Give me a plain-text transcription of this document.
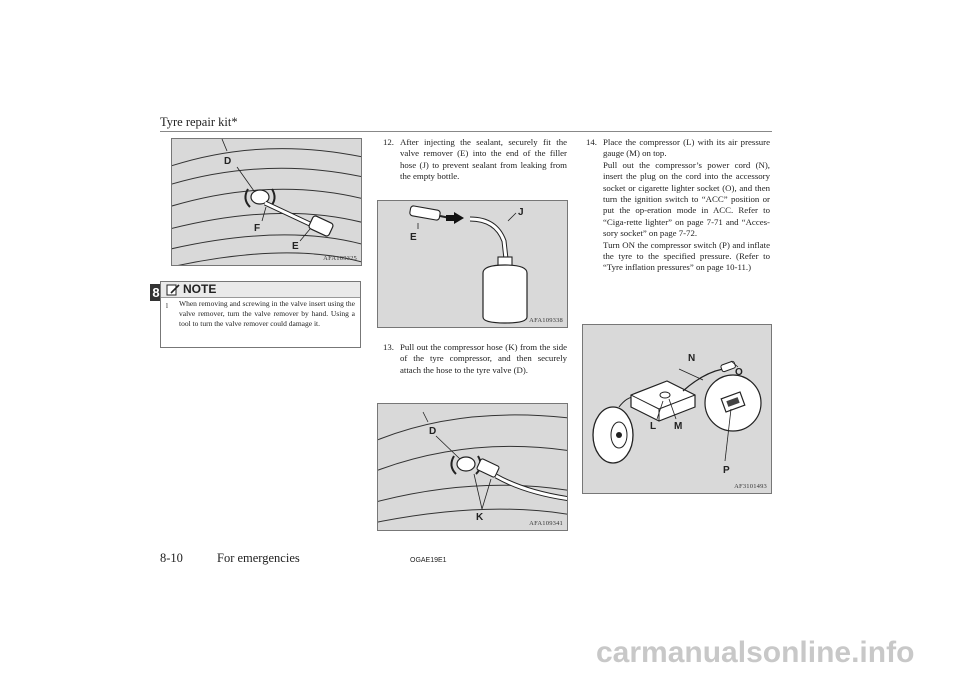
Tyre repair kit*
8
D
F
E
AFA109325
NOTE
l When removing and screwing in the valve insert using the valve remover, turn the valve remover by hand. Using a tool to turn the valve remover could damage it.
12. After injecting the sealant, securely fit the valve remover (E) into the end of the filler hose (J) to prevent sealant from leaking from the empty bottle.
E
J
AFA109338
13. Pull out the compressor hose (K) from the side of the tyre compressor, and then securely attach the hose to the tyre valve (D).
D
K
AFA109341
14. Place the compressor (L) with its air pressure gauge (M) on top.
Pull out the compressor’s power cord (N), insert the plug on the cord into the accessory socket or cigarette lighter socket (O), and then turn the ignition switch to “ACC” position or put the op-eration mode in ACC. Refer to “Ciga-rette lighter” on page 7-71 and “Acces-sory socket” on page 7-72.
Turn ON the compressor switch (P) and inflate the tyre to the specified pressure. (Refer to “Tyre inflation pressures” on page 10-11.)
N
O
L M
P
AF3101493
8-10	For emergencies	OGAE19E1
carmanualsonline.info
